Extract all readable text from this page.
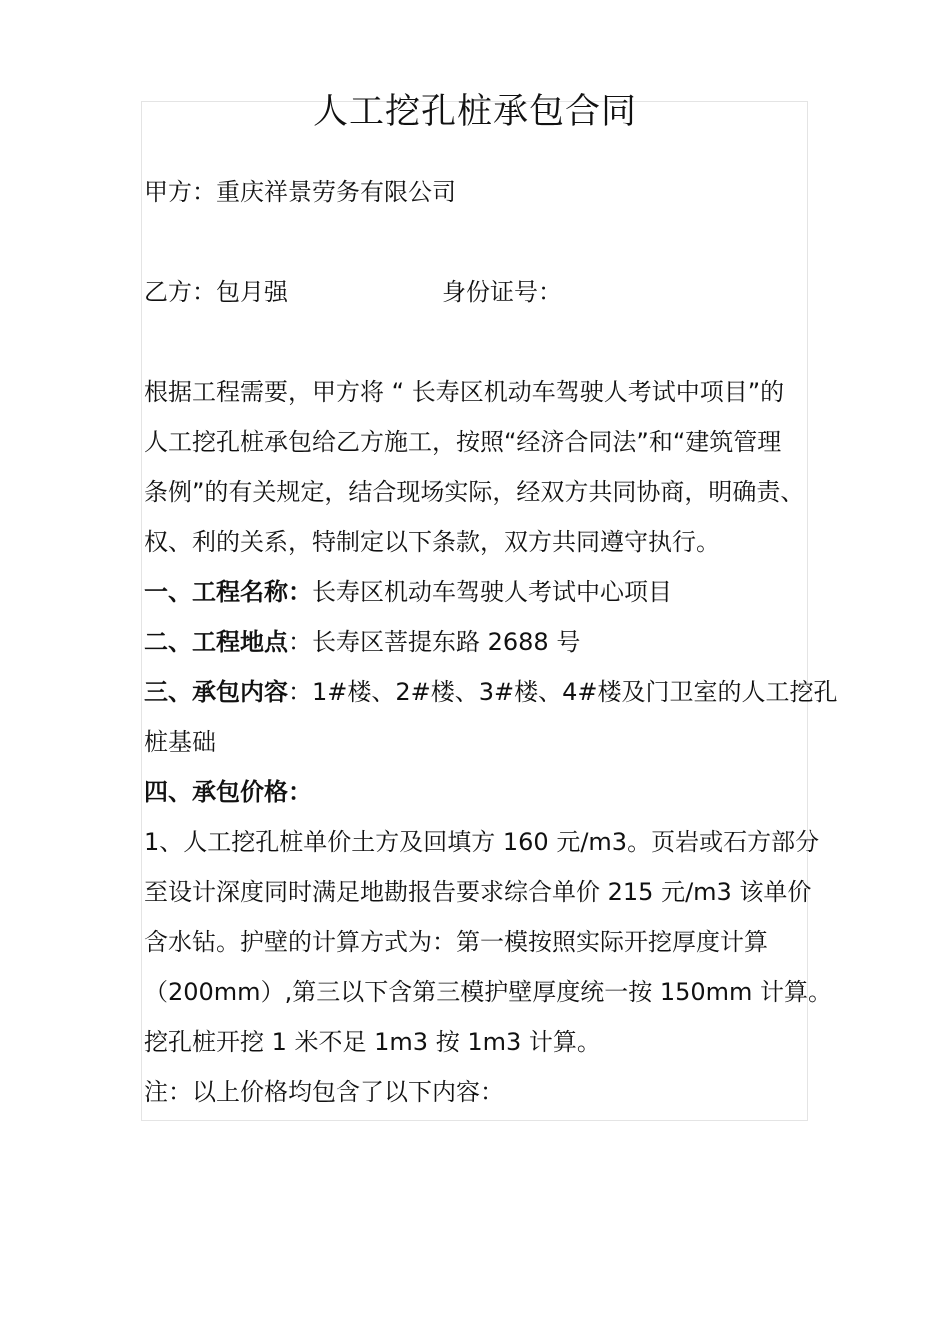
人工挖孔桩承包合同

甲方：重庆祥景劳务有限公司

乙方：包月强	身份证号：

根据工程需要，甲方将 “ 长寿区机动车驾驶人考试中项目”的

人工挖孔桩承包给乙方施工，按照“经济合同法”和“建筑管理

条例”的有关规定，结合现场实际，经双方共同协商，明确责、

权、利的关系，特制定以下条款，双方共同遵守执行。

一、工程名称：长寿区机动车驾驶人考试中心项目

二、工程地点：长寿区菩提东路 2688 号

三、承包内容：1#楼、2#楼、3#楼、4#楼及门卫室的人工挖孔

桩基础

四、承包价格：

1、人工挖孔桩单价土方及回填方 160 元/m3。页岩或石方部分

至设计深度同时满足地勘报告要求综合单价 215 元/m3 该单价

含水钻。护壁的计算方式为：第一模按照实际开挖厚度计算

（200mm）,第三以下含第三模护壁厚度统一按 150mm 计算。

挖孔桩开挖 1 米不足 1m3 按 1m3 计算。

注：以上价格均包含了以下内容：
